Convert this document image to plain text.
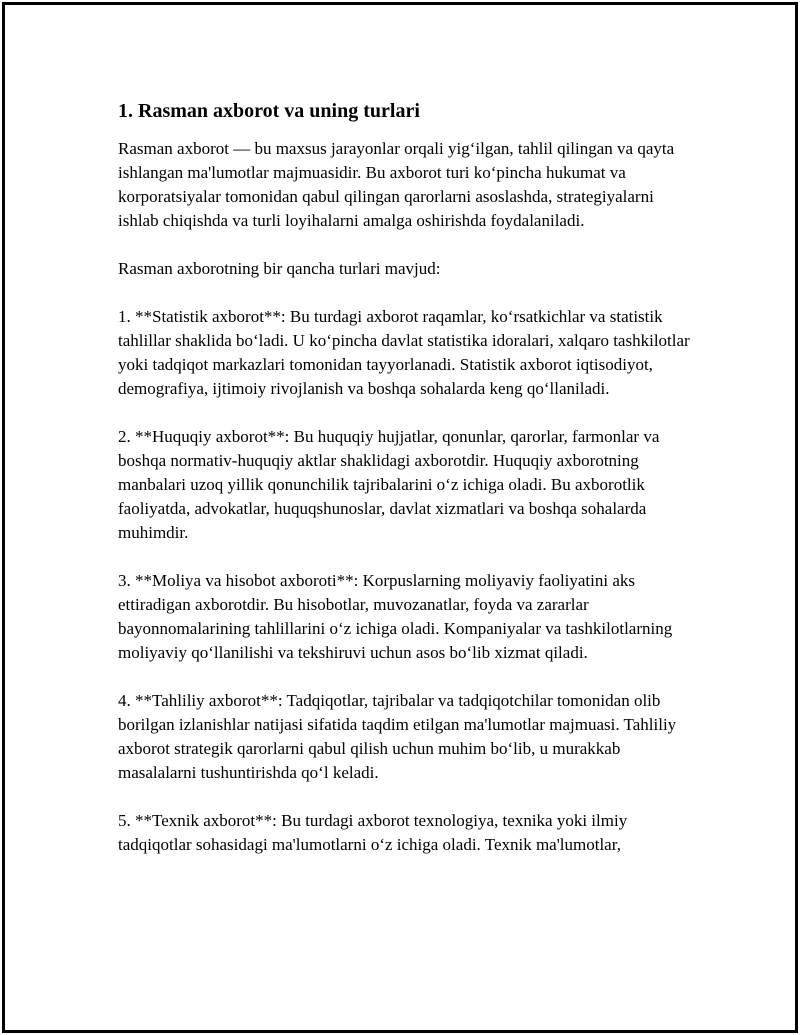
1. Rasman axborot va uning turlari

Rasman axborot — bu maxsus jarayonlar orqali yig‘ilgan, tahlil qilingan va qayta ishlangan ma'lumotlar majmuasidir. Bu axborot turi ko‘pincha hukumat va korporatsiyalar tomonidan qabul qilingan qarorlarni asoslashda, strategiyalarni ishlab chiqishda va turli loyihalarni amalga oshirishda foydalaniladi.

Rasman axborotning bir qancha turlari mavjud:

1. **Statistik axborot**: Bu turdagi axborot raqamlar, ko‘rsatkichlar va statistik tahlillar shaklida bo‘ladi. U ko‘pincha davlat statistika idoralari, xalqaro tashkilotlar yoki tadqiqot markazlari tomonidan tayyorlanadi. Statistik axborot iqtisodiyot, demografiya, ijtimoiy rivojlanish va boshqa sohalarda keng qo‘llaniladi.

2. **Huquqiy axborot**: Bu huquqiy hujjatlar, qonunlar, qarorlar, farmonlar va boshqa normativ-huquqiy aktlar shaklidagi axborotdir. Huquqiy axborotning manbalari uzoq yillik qonunchilik tajribalarini o‘z ichiga oladi. Bu axborotlik faoliyatda, advokatlar, huquqshunoslar, davlat xizmatlari va boshqa sohalarda muhimdir.

3. **Moliya va hisobot axboroti**: Korpuslarning moliyaviy faoliyatini aks ettiradigan axborotdir. Bu hisobotlar, muvozanatlar, foyda va zararlar bayonnomalarining tahlillarini o‘z ichiga oladi. Kompaniyalar va tashkilotlarning moliyaviy qo‘llanilishi va tekshiruvi uchun asos bo‘lib xizmat qiladi.

4. **Tahliliy axborot**: Tadqiqotlar, tajribalar va tadqiqotchilar tomonidan olib borilgan izlanishlar natijasi sifatida taqdim etilgan ma'lumotlar majmuasi. Tahliliy axborot strategik qarorlarni qabul qilish uchun muhim bo‘lib, u murakkab masalalarni tushuntirishda qo‘l keladi.

5. **Texnik axborot**: Bu turdagi axborot texnologiya, texnika yoki ilmiy tadqiqotlar sohasidagi ma'lumotlarni o‘z ichiga oladi. Texnik ma'lumotlar,
